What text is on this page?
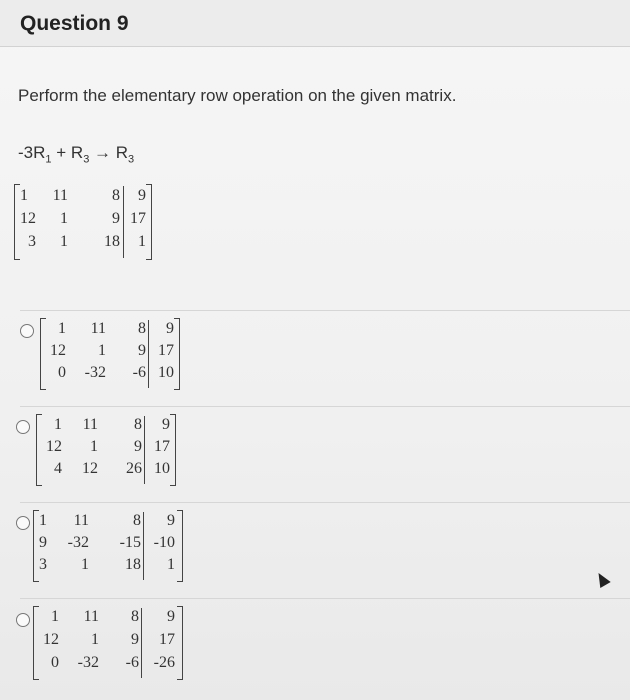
Question 9
Perform the elementary row operation on the given matrix.
$-3R_1 + R_3 \to R_3$
1	11	8	9
12	1	9 17
3	1	18	1
1	11	8	9
12	1	9 17
0	-32	-6 10
1	11	8	9
12	1	9 17
4	12	26 10
1	11	8	9
9	-32	-15 -10
3	1	18	1
1	11	8	9
12	1	9	17
0	-32	-6 -26
